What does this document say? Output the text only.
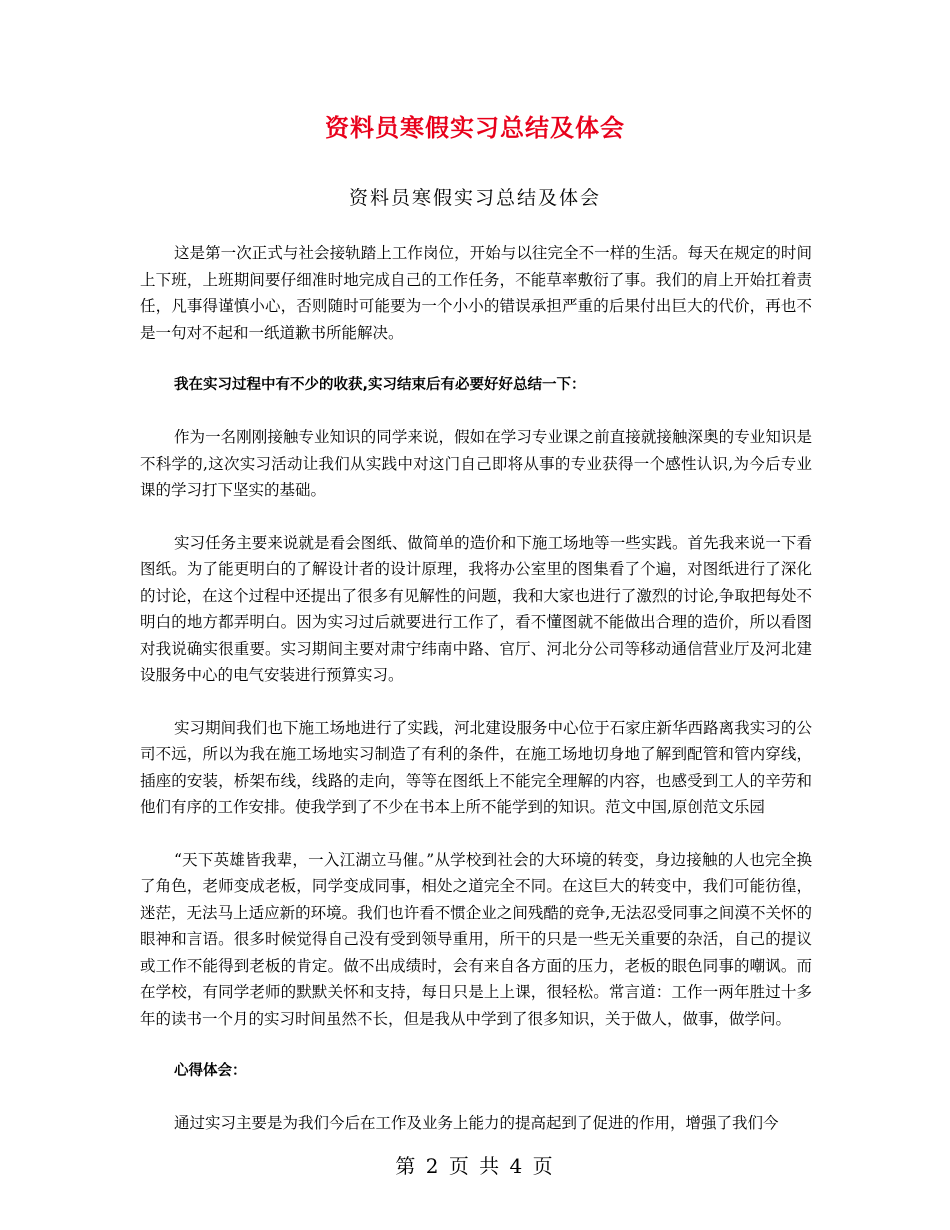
资料员寒假实习总结及体会
资料员寒假实习总结及体会

这是第一次正式与社会接轨踏上工作岗位，开始与以往完全不一样的生活。每天在规定的时间上下班，上班期间要仔细准时地完成自己的工作任务，不能草率敷衍了事。我们的肩上开始扛着责任，凡事得谨慎小心，否则随时可能要为一个小小的错误承担严重的后果付出巨大的代价，再也不是一句对不起和一纸道歉书所能解决。

我在实习过程中有不少的收获,实习结束后有必要好好总结一下：

作为一名刚刚接触专业知识的同学来说，假如在学习专业课之前直接就接触深奥的专业知识是不科学的,这次实习活动让我们从实践中对这门自己即将从事的专业获得一个感性认识,为今后专业课的学习打下坚实的基础。

实习任务主要来说就是看会图纸、做简单的造价和下施工场地等一些实践。首先我来说一下看图纸。为了能更明白的了解设计者的设计原理，我将办公室里的图集看了个遍，对图纸进行了深化的讨论，在这个过程中还提出了很多有见解性的问题，我和大家也进行了激烈的讨论,争取把每处不明白的地方都弄明白。因为实习过后就要进行工作了，看不懂图就不能做出合理的造价，所以看图对我说确实很重要。实习期间主要对肃宁纬南中路、官厅、河北分公司等移动通信营业厅及河北建设服务中心的电气安装进行预算实习。

实习期间我们也下施工场地进行了实践，河北建设服务中心位于石家庄新华西路离我实习的公司不远，所以为我在施工场地实习制造了有利的条件，在施工场地切身地了解到配管和管内穿线，插座的安装，桥架布线，线路的走向，等等在图纸上不能完全理解的内容，也感受到工人的辛劳和他们有序的工作安排。使我学到了不少在书本上所不能学到的知识。范文中国,原创范文乐园

“天下英雄皆我辈，一入江湖立马催。”从学校到社会的大环境的转变，身边接触的人也完全换了角色，老师变成老板，同学变成同事，相处之道完全不同。在这巨大的转变中，我们可能彷徨，迷茫，无法马上适应新的环境。我们也许看不惯企业之间残酷的竞争,无法忍受同事之间漠不关怀的眼神和言语。很多时候觉得自己没有受到领导重用，所干的只是一些无关重要的杂活，自己的提议或工作不能得到老板的肯定。做不出成绩时，会有来自各方面的压力，老板的眼色同事的嘲讽。而在学校，有同学老师的默默关怀和支持，每日只是上上课，很轻松。常言道：工作一两年胜过十多年的读书一个月的实习时间虽然不长，但是我从中学到了很多知识，关于做人，做事，做学问。

心得体会：

通过实习主要是为我们今后在工作及业务上能力的提高起到了促进的作用，增强了我们今

第 2 页 共 4 页
